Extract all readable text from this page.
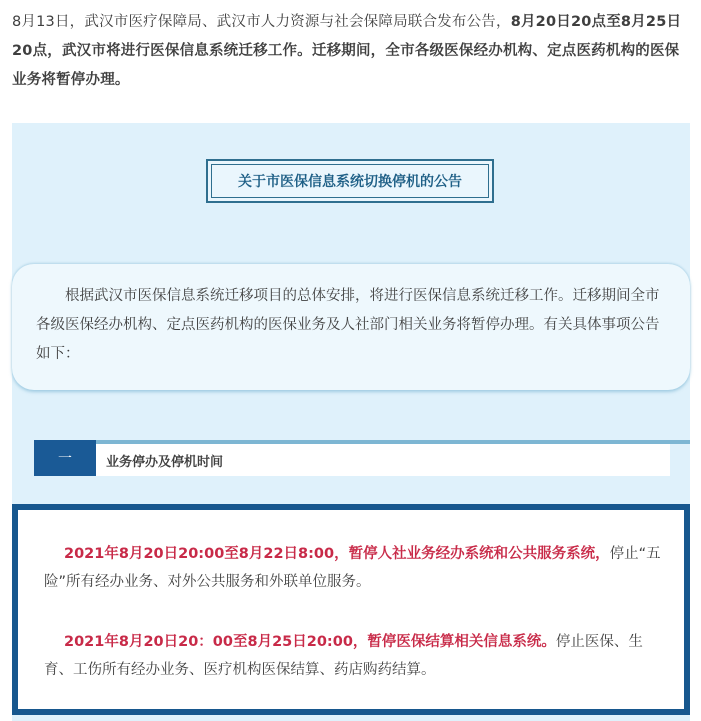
8月13日，武汉市医疗保障局、武汉市人力资源与社会保障局联合发布公告，8月20日20点至8月25日20点，武汉市将进行医保信息系统迁移工作。迁移期间，全市各级医保经办机构、定点医药机构的医保业务将暂停办理。
关于市医保信息系统切换停机的公告
根据武汉市医保信息系统迁移项目的总体安排，将进行医保信息系统迁移工作。迁移期间全市各级医保经办机构、定点医药机构的医保业务及人社部门相关业务将暂停办理。有关具体事项公告如下：
一	业务停办及停机时间
2021年8月20日20:00至8月22日8:00，暂停人社业务经办系统和公共服务系统，停止“五险”所有经办业务、对外公共服务和外联单位服务。
2021年8月20日20：00至8月25日20:00，暂停医保结算相关信息系统。停止医保、生育、工伤所有经办业务、医疗机构医保结算、药店购药结算。
